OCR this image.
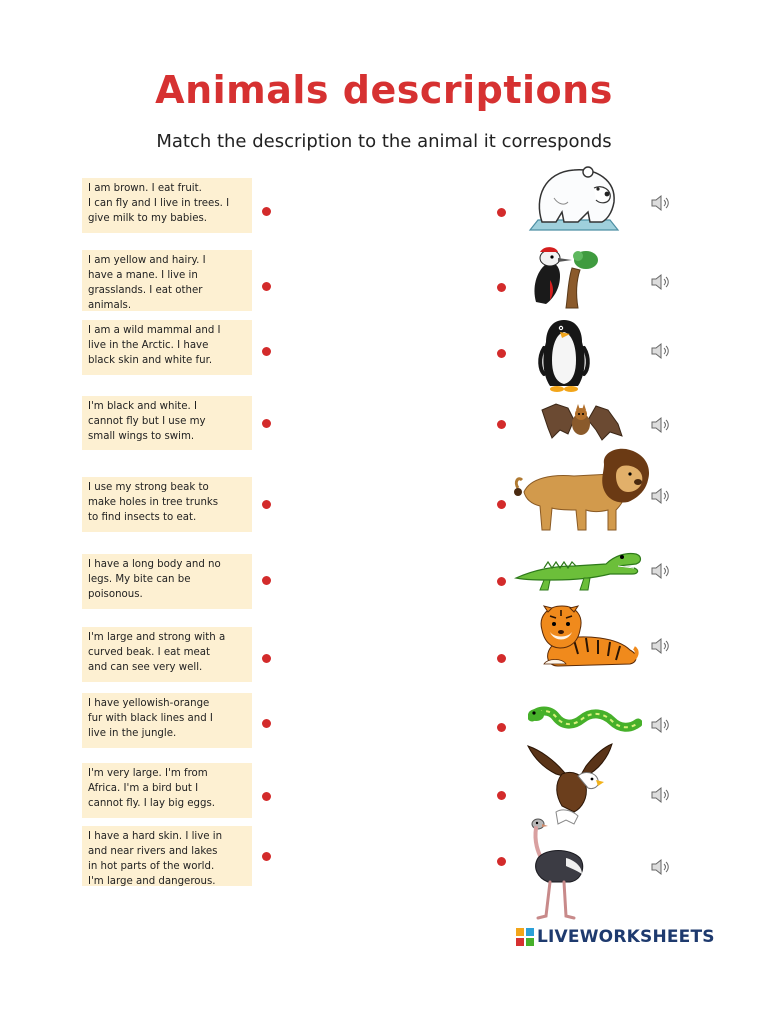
Animals descriptions

Match the description to the animal it corresponds

I am brown. I eat fruit.
I can fly and I live in trees. I
give milk to my babies.
I am yellow and hairy. I
have a mane. I live in
grasslands. I eat other
animals.
I am a wild mammal and I
live in the Arctic. I have
black skin and white fur.
I'm black and white. I
cannot fly but I use my
small wings to swim.
I use my strong beak to
make holes in tree trunks
to find insects to eat.
I have a long body and no
legs. My bite can be
poisonous.
I'm large and strong with a
curved beak. I eat meat
and can see very well.
I have yellowish-orange
fur with black lines and I
live in the jungle.
I'm very large. I'm from
Africa. I'm a bird but I
cannot fly. I lay big eggs.
I have a hard skin. I live in
and near rivers and lakes
in hot parts of the world.
I'm large and dangerous.
LIVEWORKSHEETS
